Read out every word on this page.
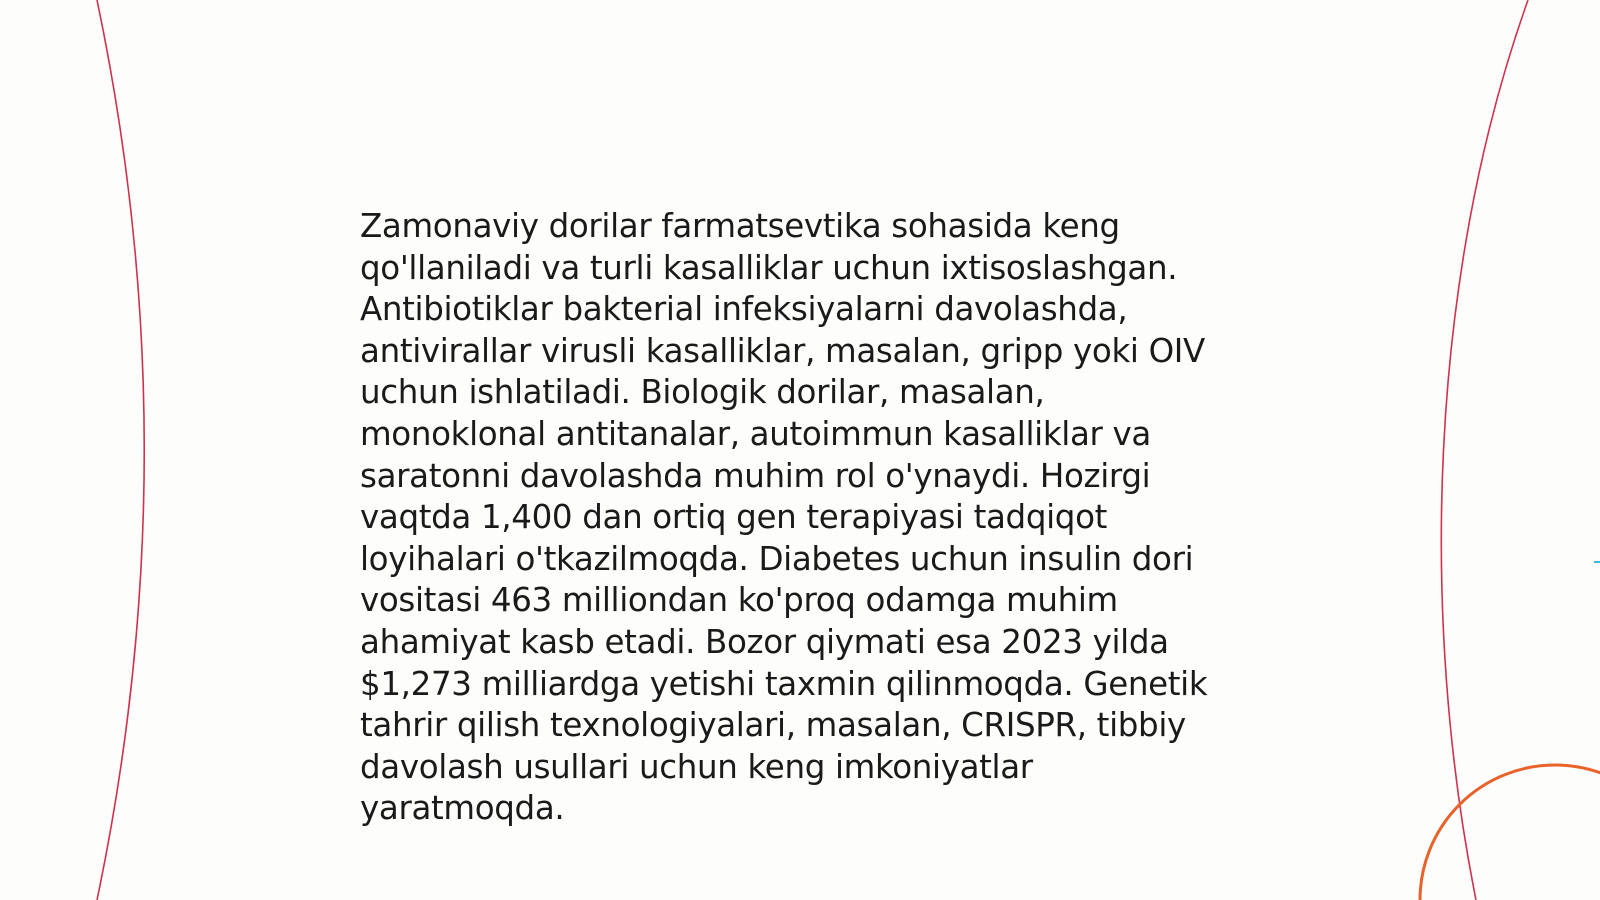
Zamonaviy dorilar farmatsevtika sohasida keng
qo'llaniladi va turli kasalliklar uchun ixtisoslashgan.
Antibiotiklar bakterial infeksiyalarni davolashda,
antivirallar virusli kasalliklar, masalan, gripp yoki OIV
uchun ishlatiladi. Biologik dorilar, masalan,
monoklonal antitanalar, autoimmun kasalliklar va
saratonni davolashda muhim rol o'ynaydi. Hozirgi
vaqtda 1,400 dan ortiq gen terapiyasi tadqiqot
loyihalari o'tkazilmoqda. Diabetes uchun insulin dori
vositasi 463 milliondan ko'proq odamga muhim
ahamiyat kasb etadi. Bozor qiymati esa 2023 yilda
$1,273 milliardga yetishi taxmin qilinmoqda. Genetik
tahrir qilish texnologiyalari, masalan, CRISPR, tibbiy
davolash usullari uchun keng imkoniyatlar
yaratmoqda.
